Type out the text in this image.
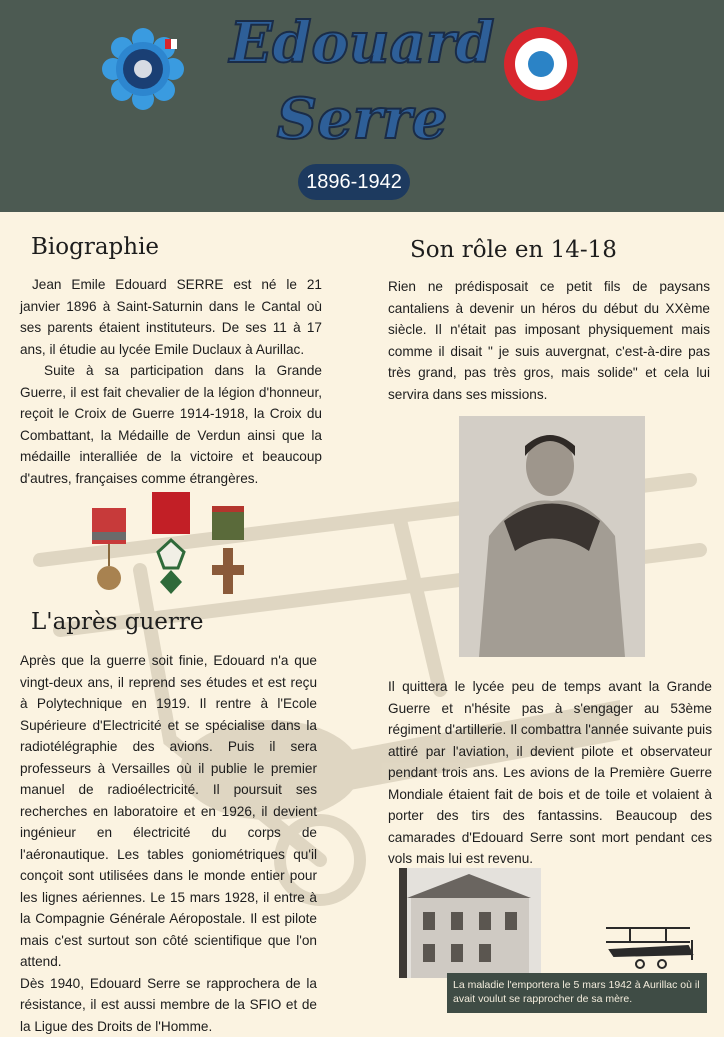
Edouard
Serre
1896-1942
Biographie

Jean Emile Edouard SERRE est né le 21 janvier 1896 à Saint-Saturnin dans le Cantal où ses parents étaient instituteurs. De ses 11 à 17 ans, il étudie au lycée Emile Duclaux à Aurillac.

Suite à sa participation dans la Grande Guerre, il est fait chevalier de la légion d'honneur, reçoit le Croix de Guerre 1914-1918, la Croix du Combattant, la Médaille de Verdun ainsi que la médaille interalliée de la victoire et beaucoup d'autres, françaises comme étrangères.

L'après guerre

Après que la guerre soit finie, Edouard n'a que vingt-deux ans, il reprend ses études et est reçu à Polytechnique en 1919. Il rentre à l'Ecole Supérieure d'Electricité et se spécialise dans la radiotélégraphie des avions. Puis il sera professeurs à Versailles où il publie le premier manuel de radioélectricité. Il poursuit ses recherches en laboratoire et en 1926, il devient ingénieur en électricité du corps de l'aéronautique. Les tables goniométriques qu'il conçoit sont utilisées dans le monde entier pour les lignes aériennes. Le 15 mars 1928, il entre à la Compagnie Générale Aéropostale. Il est pilote mais c'est surtout son côté scientifique que l'on attend.

Dès 1940, Edouard Serre se rapprochera de la résistance, il est aussi membre de la SFIO et de la Ligue des Droits de l'Homme.

Son rôle en 14-18

Rien ne prédisposait ce petit fils de paysans cantaliens à devenir un héros du début du XXème siècle. Il n'était pas imposant physiquement mais comme il disait " je suis auvergnat, c'est-à-dire pas très grand, pas très gros, mais solide" et cela lui servira dans ses missions.

Il quittera le lycée peu de temps avant la Grande Guerre et n'hésite pas à s'engager au 53ème régiment d'artillerie. Il combattra l'année suivante puis attiré par l'aviation, il devient pilote et observateur pendant trois ans. Les avions de la Première Guerre Mondiale étaient fait de bois et de toile et volaient à porter des tirs des fantassins. Beaucoup des camarades d'Edouard Serre sont mort pendant ces vols mais lui est revenu.

La maladie l'emportera le 5 mars 1942 à Aurillac où il avait voulut se rapprocher de sa mère.
